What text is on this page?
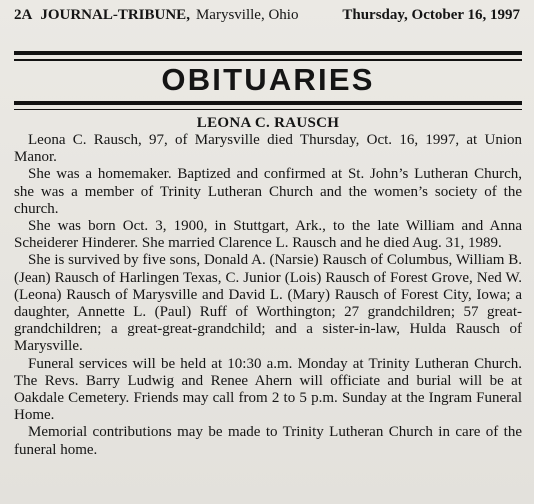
2A JOURNAL-TRIBUNE, Marysville, Ohio	Thursday, October 16, 1997
OBITUARIES
LEONA C. RAUSCH

Leona C. Rausch, 97, of Marysville died Thursday, Oct. 16, 1997, at Union Manor.

She was a homemaker. Baptized and confirmed at St. John’s Lutheran Church, she was a member of Trinity Lutheran Church and the women’s society of the church.

She was born Oct. 3, 1900, in Stuttgart, Ark., to the late William and Anna Scheiderer Hinderer. She married Clarence L. Rausch and he died Aug. 31, 1989.

She is survived by five sons, Donald A. (Narsie) Rausch of Columbus, William B. (Jean) Rausch of Harlingen Texas, C. Junior (Lois) Rausch of Forest Grove, Ned W. (Leona) Rausch of Marysville and David L. (Mary) Rausch of Forest City, Iowa; a daughter, Annette L. (Paul) Ruff of Worthington; 27 grandchildren; 57 great-grandchildren; a great-great-grandchild; and a sister-in-law, Hulda Rausch of Marysville.

Funeral services will be held at 10:30 a.m. Monday at Trinity Lutheran Church. The Revs. Barry Ludwig and Renee Ahern will officiate and burial will be at Oakdale Cemetery. Friends may call from 2 to 5 p.m. Sunday at the Ingram Funeral Home.

Memorial contributions may be made to Trinity Lutheran Church in care of the funeral home.
